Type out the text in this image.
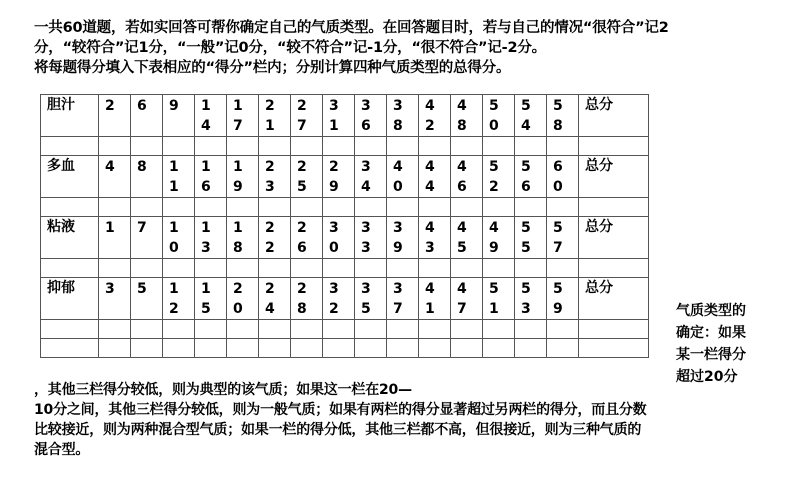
一共60道题，若如实回答可帮你确定自己的气质类型。在回答题目时，若与自己的情况“很符合”记2
分，“较符合”记1分，“一般”记0分，“较不符合”记-1分，“很不符合”记-2分。
将每题得分填入下表相应的“得分”栏内；分别计算四种气质类型的总得分。
胆汁	2	6	9	14	17	21	27	31	36	38	42	48	50	54	58	总分

多血	4	8	11	16	19	23	25	29	34	40	44	46	52	56	60	总分

粘液	1	7	10	13	18	22	26	30	33	39	43	45	49	55	57	总分

抑郁	3	5	12	15	20	24	28	32	35	37	41	47	51	53	59	总分

气质类型的
确定：如果
某一栏得分
超过20分
，其他三栏得分较低，则为典型的该气质；如果这一栏在20—
10分之间，其他三栏得分较低，则为一般气质；如果有两栏的得分显著超过另两栏的得分，而且分数
比较接近，则为两种混合型气质；如果一栏的得分低，其他三栏都不高，但很接近，则为三种气质的
混合型。
